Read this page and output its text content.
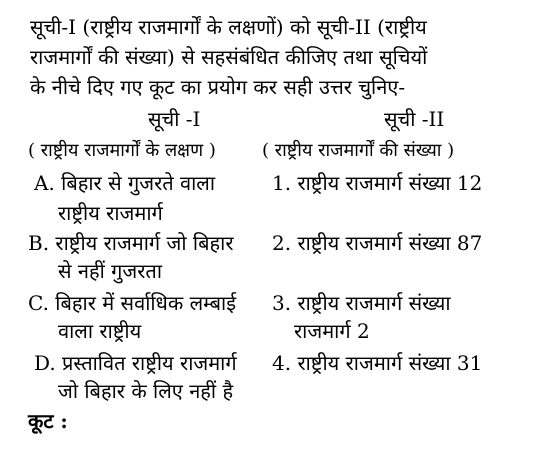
सूची-I (राष्ट्रीय राजमार्गों के लक्षणों) को सूची-II (राष्ट्रीय
राजमार्गों की संख्या) से सहसंबंधित कीजिए तथा सूचियों
के नीचे दिए गए कूट का प्रयोग कर सही उत्तर चुनिए-
सूची -I	सूची -II
( राष्ट्रीय राजमार्गों के लक्षण )	( राष्ट्रीय राजमार्गों की संख्या )
A. बिहार से गुजरते वाला
राष्ट्रीय राजमार्ग
B. राष्ट्रीय राजमार्ग जो बिहार
से नहीं गुजरता
C. बिहार में सर्वाधिक लम्बाई
वाला राष्ट्रीय
D. प्रस्तावित राष्ट्रीय राजमार्ग
जो बिहार के लिए नहीं है
1. राष्ट्रीय राजमार्ग संख्या 12
2. राष्ट्रीय राजमार्ग संख्या 87
3. राष्ट्रीय राजमार्ग संख्या
राजमार्ग 2
4. राष्ट्रीय राजमार्ग संख्या 31
कूट :
